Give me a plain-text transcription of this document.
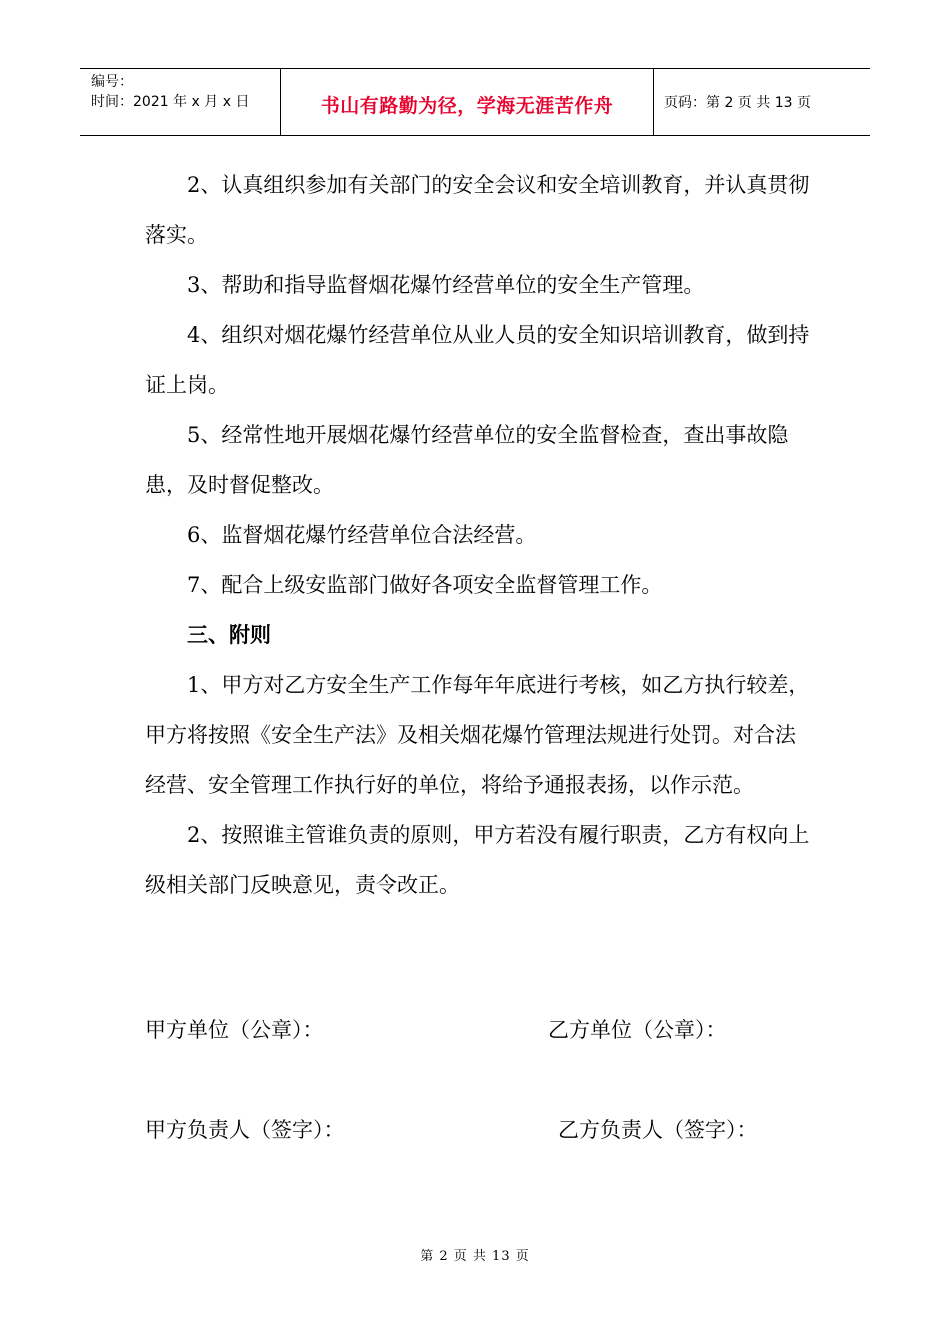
编号：
时间：2021 年 x 月 x 日	书山有路勤为径，学海无涯苦作舟	页码：第 2 页 共 13 页

2、认真组织参加有关部门的安全会议和安全培训教育，并认真贯彻落实。

3、帮助和指导监督烟花爆竹经营单位的安全生产管理。

4、组织对烟花爆竹经营单位从业人员的安全知识培训教育，做到持证上岗。

5、经常性地开展烟花爆竹经营单位的安全监督检查，查出事故隐患，及时督促整改。

6、监督烟花爆竹经营单位合法经营。

7、配合上级安监部门做好各项安全监督管理工作。

三、附则

1、甲方对乙方安全生产工作每年年底进行考核，如乙方执行较差，甲方将按照《安全生产法》及相关烟花爆竹管理法规进行处罚。对合法经营、安全管理工作执行好的单位，将给予通报表扬，以作示范。

2、按照谁主管谁负责的原则，甲方若没有履行职责，乙方有权向上级相关部门反映意见，责令改正。

甲方单位（公章）：	乙方单位（公章）：
甲方负责人（签字）：	乙方负责人（签字）：
第 2 页 共 13 页
